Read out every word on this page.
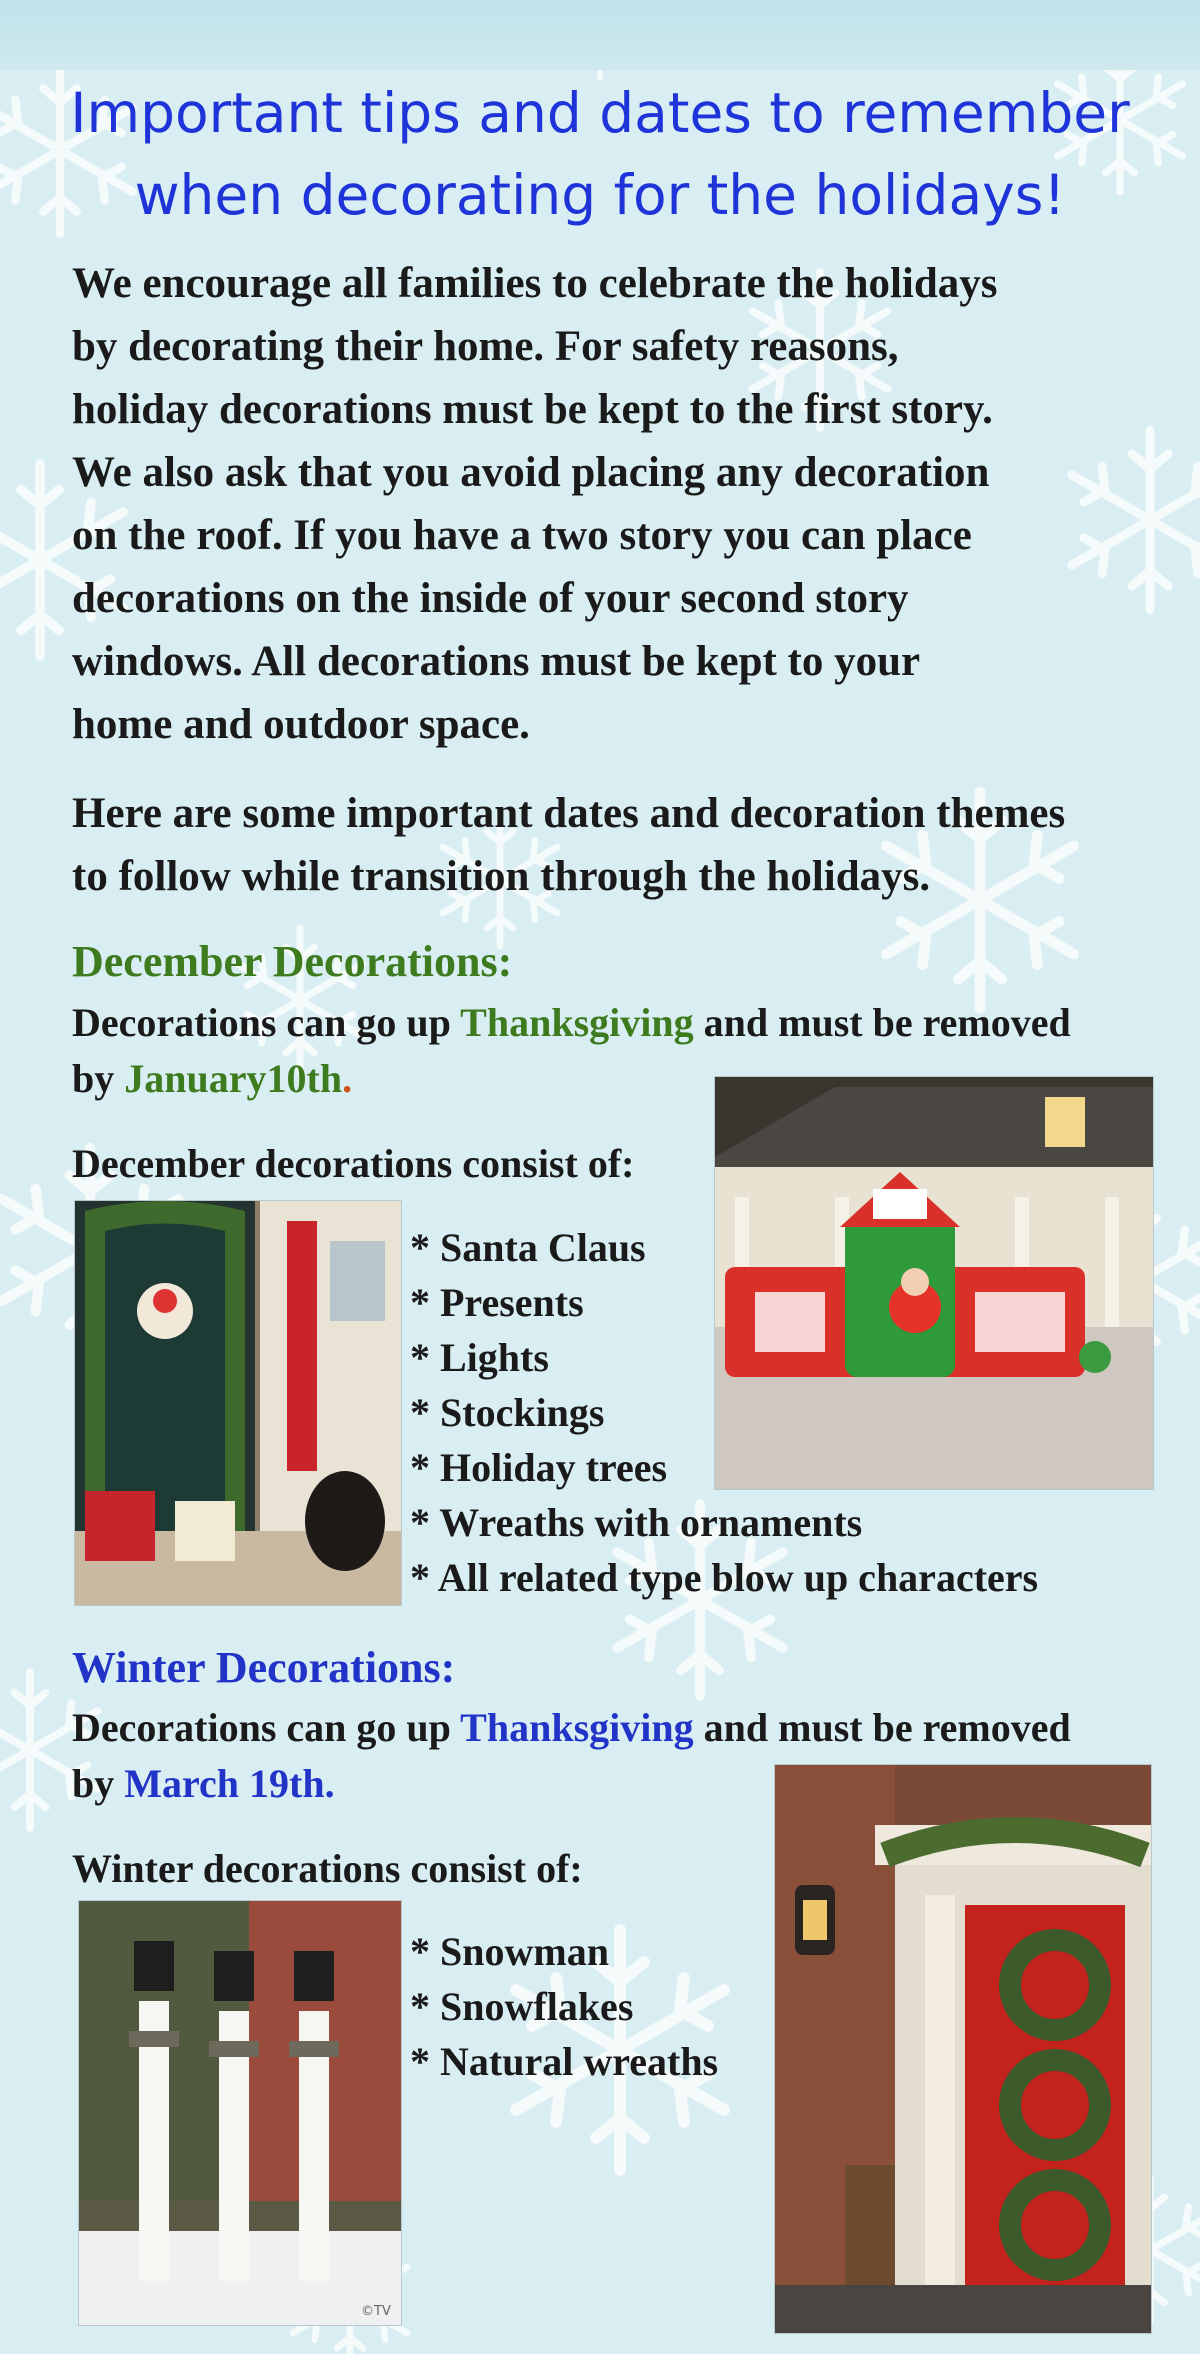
Important tips and dates to remember
when decorating for the holidays!
We encourage all families to celebrate the holidays
by decorating their home. For safety reasons,
holiday decorations must be kept to the first story.
We also ask that you avoid placing any decoration
on the roof. If you have a two story you can place
decorations on the inside of your second story
windows. All decorations must be kept to your
home and outdoor space.
Here are some important dates and decoration themes
to follow while transition through the holidays.
December Decorations:
Decorations can go up Thanksgiving and must be removed
by January10th.
December decorations consist of:
* Santa Claus
* Presents
* Lights
* Stockings
* Holiday trees
* Wreaths with ornaments
* All related type blow up characters
Winter Decorations:
Decorations can go up Thanksgiving and must be removed
by March 19th.
Winter decorations consist of:
©TV
* Snowman
* Snowflakes
* Natural wreaths
